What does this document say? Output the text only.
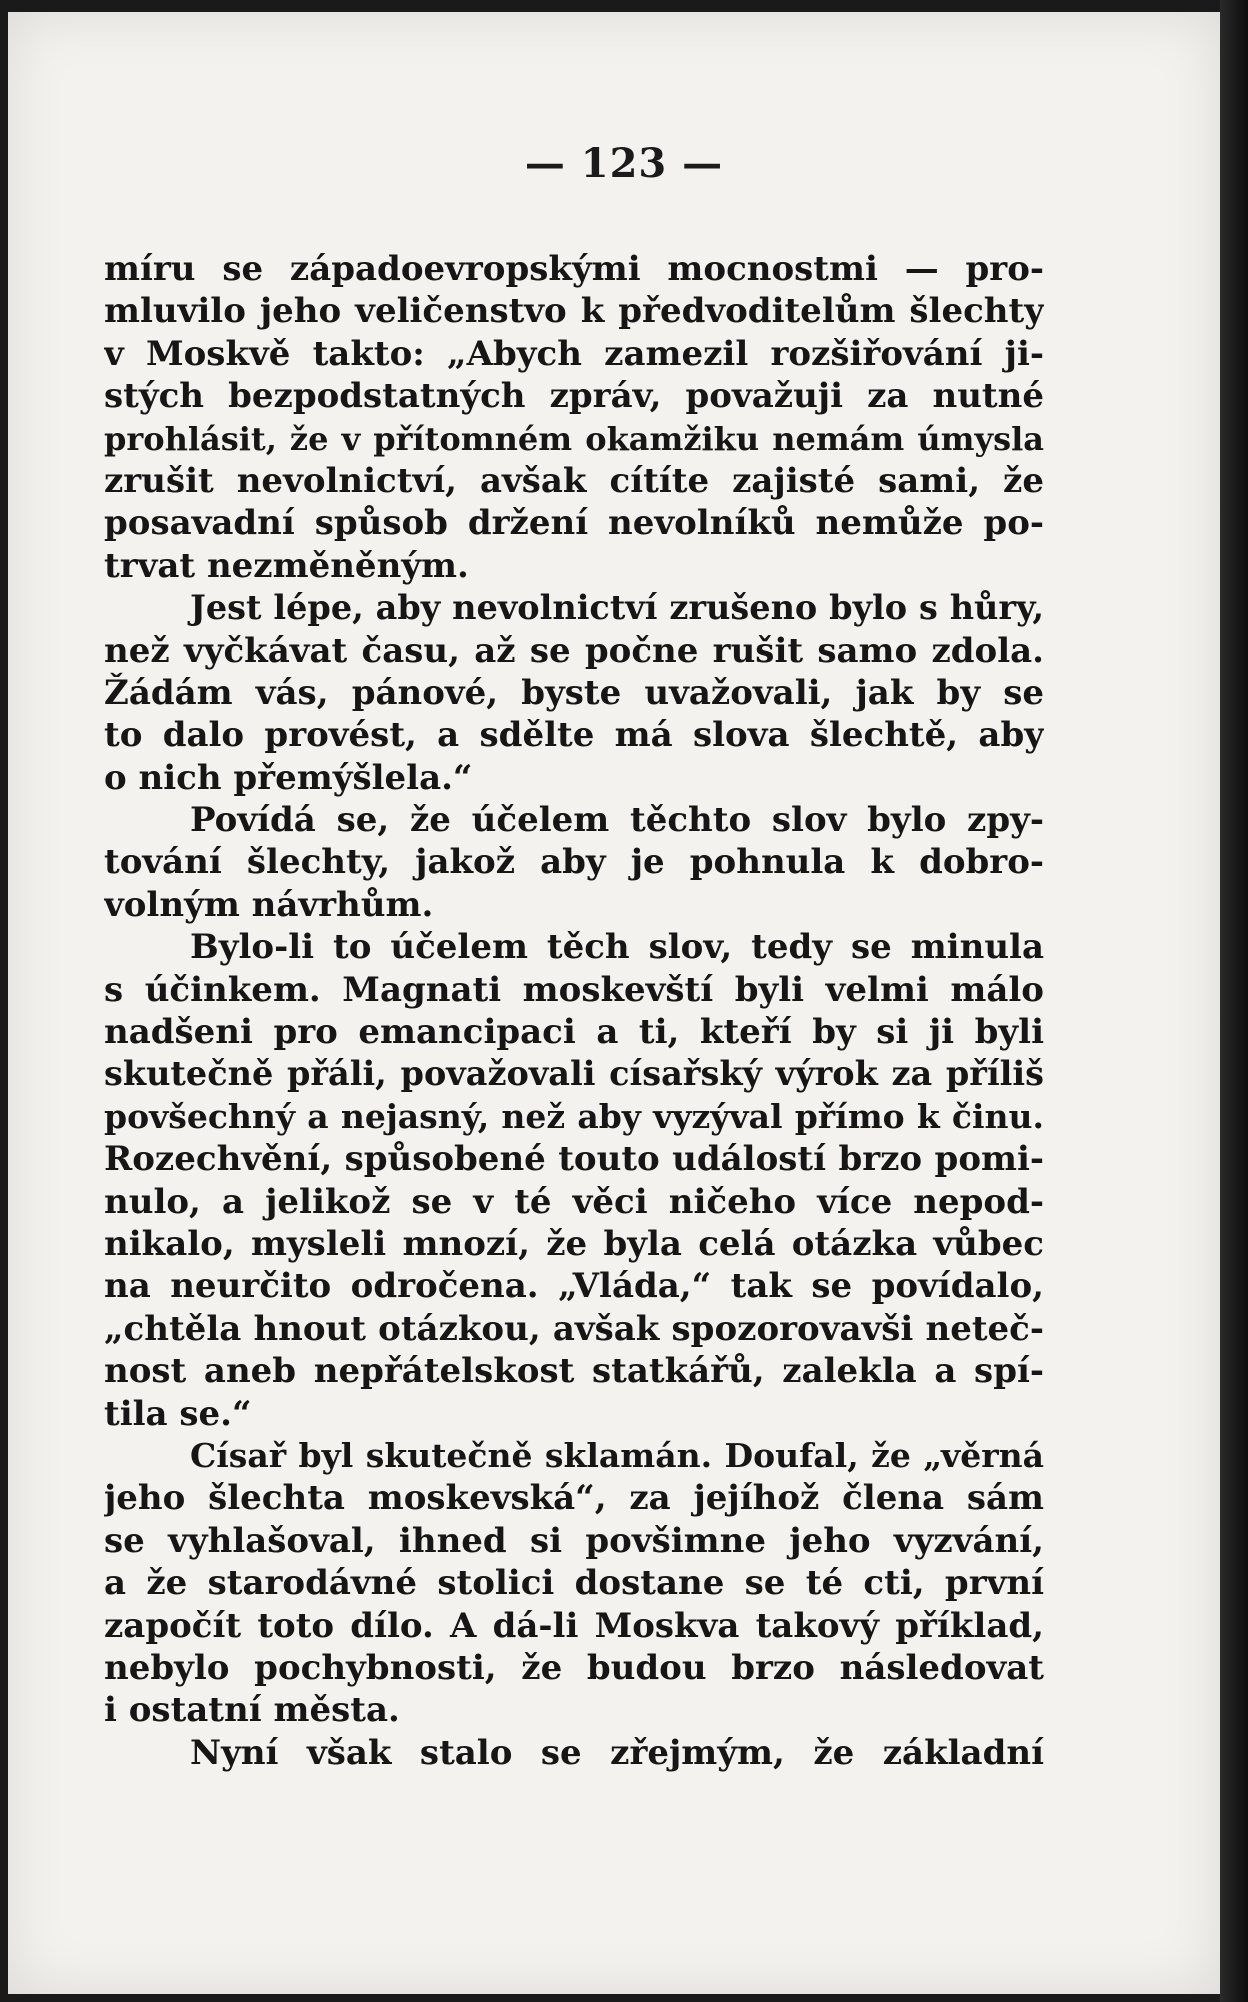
— 123 —
míru se západoevropskými mocnostmi — pro-
mluvilo jeho veličenstvo k předvoditelům šlechty
v Moskvě takto: „Abych zamezil rozšiřování ji-
stých bezpodstatných zpráv, považuji za nutné
prohlásit, že v přítomném okamžiku nemám úmysla
zrušit nevolnictví, avšak cítíte zajisté sami, že
posavadní spůsob držení nevolníků nemůže po-
trvat nezměněným.
Jest lépe, aby nevolnictví zrušeno bylo s hůry,
než vyčkávat času, až se počne rušit samo zdola.
Žádám vás, pánové, byste uvažovali, jak by se
to dalo provést, a sdělte má slova šlechtě, aby
o nich přemýšlela.“
Povídá se, že účelem těchto slov bylo zpy-
tování šlechty, jakož aby je pohnula k dobro-
volným návrhům.
Bylo-li to účelem těch slov, tedy se minula
s účinkem. Magnati moskevští byli velmi málo
nadšeni pro emancipaci a ti, kteří by si ji byli
skutečně přáli, považovali císařský výrok za příliš
povšechný a nejasný, než aby vyzýval přímo k činu.
Rozechvění, spůsobené touto událostí brzo pomi-
nulo, a jelikož se v té věci ničeho více nepod-
nikalo, mysleli mnozí, že byla celá otázka vůbec
na neurčito odročena. „Vláda,“ tak se povídalo,
„chtěla hnout otázkou, avšak spozorovavši neteč-
nost aneb nepřátelskost statkářů, zalekla a spí-
tila se.“
Císař byl skutečně sklamán. Doufal, že „věrná
jeho šlechta moskevská“, za jejíhož člena sám
se vyhlašoval, ihned si povšimne jeho vyzvání,
a že starodávné stolici dostane se té cti, první
započít toto dílo. A dá-li Moskva takový příklad,
nebylo pochybnosti, že budou brzo následovat
i ostatní města.
Nyní však stalo se zřejmým, že základní
